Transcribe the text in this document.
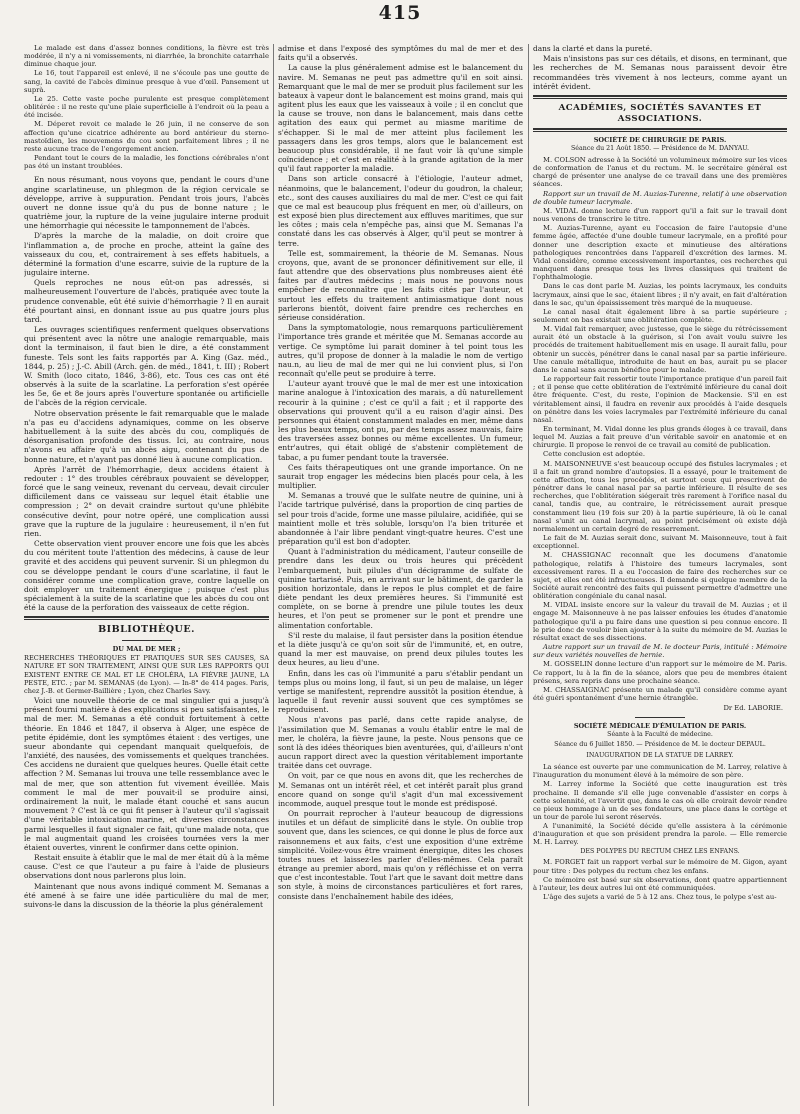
415

Le malade est dans d'assez bonnes conditions, la fièvre est très modérée, il n'y a ni vomissements, ni diarrhée, la bronchite catarrhale diminue chaque jour.

Le 16, tout l'appareil est enlevé, il ne s'écoule pas une goutte de sang, la cavité de l'abcès diminue presque à vue d'œil. Pansement ut suprà.

Le 25. Cette vaste poche purulente est presque complètement oblitérée : il ne reste qu'une plaie superficielle à l'endroit où la peau a été incisée.

M. Déperet revoit ce malade le 26 juin, il ne conserve de son affection qu'une cicatrice adhérente au bord antérieur du sterno-mastoïdien, les mouvemens du cou sont parfaitement libres ; il ne reste aucune trace de l'engorgement ancien.

Pendant tout le cours de la maladie, les fonctions cérébrales n'ont pas été un instant troublées.

En nous résumant, nous voyons que, pendant le cours d'une angine scarlatineuse, un phlegmon de la région cervicale se développe, arrive à suppuration. Pendant trois jours, l'abcès ouvert ne donne issue qu'à du pus de bonne nature ; le quatrième jour, la rupture de la veine jugulaire interne produit une hémorrhagie qui nécessite le tamponnement de l'abcès.

D'après la marche de la maladie, on doit croire que l'inflammation a, de proche en proche, atteint la gaîne des vaisseaux du cou, et, contrairement à ses effets habituels, a déterminé la formation d'une escarre, suivie de la rupture de la jugulaire interne.

Quels reproches ne nous eût-on pas adressés, si malheureusement l'ouverture de l'abcès, pratiquée avec toute la prudence convenable, eût été suivie d'hémorrhagie ? Il en aurait été pourtant ainsi, en donnant issue au pus quatre jours plus tard.

Les ouvrages scientifiques renferment quelques observations qui présentent avec la nôtre une analogie remarquable, mais dont la terminaison, il faut bien le dire, a été constamment funeste. Tels sont les faits rapportés par A. King (Gaz. méd., 1844, p. 25) ; J.-C. Abill (Arch. gén. de méd., 1841, t. III) ; Robert W. Smith (loco citato, 1846, 3-86), etc. Tous ces cas ont été observés à la suite de la scarlatine. La perforation s'est opérée les 5e, 6e et 8e jours après l'ouverture spontanée ou artificielle de l'abcès de la région cervicale.

Notre observation présente le fait remarquable que le malade n'a pas eu d'accidens adynamiques, comme on les observe habituellement à la suite des abcès du cou, compliqués de désorganisation profonde des tissus. Ici, au contraire, nous n'avons eu affaire qu'à un abcès aigu, contenant du pus de bonne nature, et n'ayant pas donné lieu à aucune complication.

Après l'arrêt de l'hémorrhagie, deux accidens étaient à redouter : 1° des troubles cérébraux pouvaient se développer, forcé que le sang veineux, revenant du cerveau, devait circuler difficilement dans ce vaisseau sur lequel était établie une compression ; 2° on devait craindre surtout qu'une phlébite consécutive devînt, pour notre opéré, une complication aussi grave que la rupture de la jugulaire : heureusement, il n'en fut rien.

Cette observation vient prouver encore une fois que les abcès du cou méritent toute l'attention des médecins, à cause de leur gravité et des accidens qui peuvent survenir. Si un phlegmon du cou se développe pendant le cours d'une scarlatine, il faut le considérer comme une complication grave, contre laquelle on doit employer un traitement énergique ; puisque c'est plus spécialement à la suite de la scarlatine que les abcès du cou ont été la cause de la perforation des vaisseaux de cette région.

BIBLIOTHÈQUE.
DU MAL DE MER ;

RECHERCHES THÉORIQUES ET PRATIQUES SUR SES CAUSES, SA NATURE ET SON TRAITEMENT, AINSI QUE SUR LES RAPPORTS QUI EXISTENT ENTRE CE MAL ET LE CHOLÉRA, LA FIÈVRE JAUNE, LA PESTE, ETC. ; par M. SEMANAS (de Lyon). — In-8° de 414 pages. Paris, chez J.-B. et Germer-Baillière ; Lyon, chez Charles Savy.

Voici une nouvelle théorie de ce mal singulier qui a jusqu'à présent fourni matière à des explications si peu satisfaisantes, le mal de mer. M. Semanas a été conduit fortuitement à cette théorie. En 1846 et 1847, il observa à Alger, une espèce de petite épidémie, dont les symptômes étaient : des vertiges, une sueur abondante qui cependant manquait quelquefois, de l'anxiété, des nausées, des vomissements et quelques tranchées. Ces accidens ne duraient que quelques heures. Quelle était cette affection ? M. Semanas lui trouva une telle ressemblance avec le mal de mer, que son attention fut vivement éveillée. Mais comment le mal de mer pouvait-il se produire ainsi, ordinairement la nuit, le malade étant couché et sans aucun mouvement ? C'est là ce qui fit penser à l'auteur qu'il s'agissait d'une véritable intoxication marine, et diverses circonstances parmi lesquelles il faut signaler ce fait, qu'une malade nota, que le mal augmentait quand les croisées tournées vers la mer étaient ouvertes, vinrent le confirmer dans cette opinion.

Restait ensuite à établir que le mal de mer était dû à la même cause. C'est ce que l'auteur a pu faire à l'aide de plusieurs observations dont nous parlerons plus loin.

Maintenant que nous avons indiqué comment M. Semanas a été amené à se faire une idée particulière du mal de mer, suivons-le dans la discussion de la théorie la plus généralement

admise et dans l'exposé des symptômes du mal de mer et des faits qu'il a observés.

La cause la plus généralement admise est le balancement du navire. M. Semanas ne peut pas admettre qu'il en soit ainsi. Remarquant que le mal de mer se produit plus facilement sur les bateaux à vapeur dont le balancement est moins grand, mais qui agitent plus les eaux que les vaisseaux à voile ; il en conclut que la cause se trouve, non dans le balancement, mais dans cette agitation des eaux qui permet au miasme maritime de s'échapper. Si le mal de mer atteint plus facilement les passagers dans les gros temps, alors que le balancement est beaucoup plus considérable, il ne faut voir là qu'une simple coïncidence ; et c'est en réalité à la grande agitation de la mer qu'il faut rapporter la maladie.

Dans son article consacré à l'étiologie, l'auteur admet, néanmoins, que le balancement, l'odeur du goudron, la chaleur, etc., sont des causes auxiliaires du mal de mer. C'est ce qui fait que ce mal est beaucoup plus fréquent en mer, où d'ailleurs, on est exposé bien plus directement aux effluves maritimes, que sur les côtes ; mais cela n'empêche pas, ainsi que M. Semanas l'a constaté dans les cas observés à Alger, qu'il peut se montrer à terre.

Telle est, sommairement, la théorie de M. Semanas. Nous croyons, que, avant de se prononcer définitivement sur elle, il faut attendre que des observations plus nombreuses aient été faites par d'autres médecins ; mais nous ne pouvons nous empêcher de reconnaître que les faits cités par l'auteur, et surtout les effets du traitement antimiasmatique dont nous parlerons bientôt, doivent faire prendre ces recherches en sérieuse considération.

Dans la symptomatologie, nous remarquons particulièrement l'importance très grande et méritée que M. Semanas accorde au vertige. Ce symptôme lui parait dominer à tel point tous les autres, qu'il propose de donner à la maladie le nom de vertigo nau.n, au lieu de mal de mer qui ne lui convient plus, si l'on reconnaît qu'elle peut se produire à terre.

L'auteur ayant trouvé que le mal de mer est une intoxication marine analogue à l'intoxication des marais, a dû naturellement recourir à la quinine ; c'est ce qu'il a fait ; et il rapporte des observations qui prouvent qu'il a eu raison d'agir ainsi. Des personnes qui étaient constamment malades en mer, même dans les plus beaux temps, ont pu, par des temps assez mauvais, faire des traversées assez bonnes ou même excellentes. Un fumeur, entr'autres, qui était obligé de s'abstenir complètement de tabac, a pu fumer pendant toute la traversée.

Ces faits thérapeutiques ont une grande importance. On ne saurait trop engager les médecins bien placés pour cela, à les multiplier.

M. Semanas a trouvé que le sulfate neutre de quinine, uni à l'acide tartrique pulvérisé, dans la proportion de cinq parties de sel pour trois d'acide, forme une masse pilulaire, acidifiée, qui se maintient molle et très soluble, lorsqu'on l'a bien triturée et abandonnée à l'air libre pendant vingt-quatre heures. C'est une préparation qu'il est bon d'adopter.

Quant à l'administration du médicament, l'auteur conseille de prendre dans les deux ou trois heures qui précèdent l'embarquement, huit pilules d'un décigramme de sulfate de quinine tartarisé. Puis, en arrivant sur le bâtiment, de garder la position horizontale, dans le repos le plus complet et de faire diète pendant les deux premières heures. Si l'immunité est complète, on se borne à prendre une pilule toutes les deux heures, et l'on peut se promener sur le pont et prendre une alimentation confortable.

S'il reste du malaise, il faut persister dans la position étendue et la diète jusqu'à ce qu'on soit sûr de l'immunité, et, en outre, quand la mer est mauvaise, on prend deux pilules toutes les deux heures, au lieu d'une.

Enfin, dans les cas où l'immunité a paru s'établir pendant un temps plus ou moins long, il faut, si un peu de malaise, un léger vertige se manifestent, reprendre aussitôt la position étendue, à laquelle il faut revenir aussi souvent que ces symptômes se reproduisent.

Nous n'avons pas parlé, dans cette rapide analyse, de l'assimilation que M. Semanas a voulu établir entre le mal de mer, le choléra, la fièvre jaune, la peste. Nous pensons que ce sont là des idées théoriques bien aventurées, qui, d'ailleurs n'ont aucun rapport direct avec la question véritablement importante traitée dans cet ouvrage.

On voit, par ce que nous en avons dit, que les recherches de M. Semanas ont un intérêt réel, et cet intérêt paraît plus grand encore quand on songe qu'il s'agit d'un mal excessivement incommode, auquel presque tout le monde est prédisposé.

On pourrait reprocher à l'auteur beaucoup de digressions inutiles et un défaut de simplicité dans le style. On oublie trop souvent que, dans les sciences, ce qui donne le plus de force aux raisonnemens et aux faits, c'est une exposition d'une extrême simplicité. Voilez-vous être vraiment énergique, dites les choses toutes nues et laissez-les parler d'elles-mêmes. Cela paraît étrange au premier abord, mais qu'on y réfléchisse et on verra que c'est incontestable. Tout l'art que le savant doit mettre dans son style, à moins de circonstances particulières et fort rares, consiste dans l'enchaînement habile des idées,

dans la clarté et dans la pureté.

Mais n'insistons pas sur ces détails, et disons, en terminant, que les recherches de M. Semanas nous paraissent devoir être recommandées très vivement à nos lecteurs, comme ayant un intérêt évident.

ACADÉMIES, SOCIÉTÉS SAVANTES ET ASSOCIATIONS.
SOCIÉTÉ DE CHIRURGIE DE PARIS.
Séance du 21 Août 1850. — Présidence de M. DANYAU.

M. COLSON adresse à la Société un volumineux mémoire sur les vices de conformation de l'anus et du rectum. M. le secrétaire général est chargé de présenter une analyse de ce travail dans une des premières séances.

Rapport sur un travail de M. Auzias-Turenne, relatif à une observation de double tumeur lacrymale.

M. VIDAL donne lecture d'un rapport qu'il a fait sur le travail dont nous venons de transcrire le titre.

M. Auzias-Turenne, ayant eu l'occasion de faire l'autopsie d'une femme âgée, affectée d'une double tumeur lacrymale, en a profité pour donner une description exacte et minutieuse des altérations pathologiques rencontrées dans l'appareil d'excrétion des larmes. M. Vidal considère, comme excessivement importantes, ces recherches qui manquent dans presque tous les livres classiques qui traitent de l'ophthalmologie.

Dans le cas dont parle M. Auzias, les points lacrymaux, les conduits lacrymaux, ainsi que le sac, étaient libres ; il n'y avait, en fait d'altération dans le sac, qu'un épaississement très marqué de la muqueuse.

Le canal nasal était également libre à sa partie supérieure ; seulement on bas existait une oblitération complète.

M. Vidal fait remarquer, avec justesse, que le siège du rétrécissement aurait été un obstacle à la guérison, si l'on avait voulu suivre les procédés de traitement habituellement mis en usage. Il aurait fallu, pour obtenir un succès, pénétrer dans le canal nasal par sa partie inférieure. Une canule métallique, introduite de haut en bas, aurait pu se placer dans le canal sans aucun bénéfice pour le malade.

Le rapporteur fait ressortir toute l'importance pratique d'un pareil fait ; et il pense que cette oblitération de l'extrémité inférieure du canal doit être fréquente. C'est, du reste, l'opinion de Mackensie. S'il en est véritablement ainsi, il faudra en revenir aux procédés à l'aide desquels on pénètre dans les voies lacrymales par l'extrémité inférieure du canal nasal.

En terminant, M. Vidal donne les plus grands éloges à ce travail, dans lequel M. Auzias a fait preuve d'un véritable savoir en anatomie et en chirurgie. Il propose le renvoi de ce travail au comité de publication.

Cette conclusion est adoptée.

M. MAISONNEUVE s'est beaucoup occupé des fistules lacrymales ; et il a fait un grand nombre d'autopsies. Il a essayé, pour le traitement de cette affection, tous les procédés, et surtout ceux qui prescrivent de pénétrer dans le canal nasal par sa partie inférieure. Il résulte de ses recherches, que l'oblitération siégerait très rarement à l'orifice nasal du canal, tandis que, au contraire, le rétrécissement aurait presque constamment lieu (19 fois sur 20) à la partie supérieure, là où le canal nasal s'unit au canal lacrymal, au point précisément où existe déjà normalement un certain degré de resserrement.

Le fait de M. Auzias serait donc, suivant M. Maisonneuve, tout à fait exceptionnel.

M. CHASSIGNAC reconnaît que les documens d'anatomie pathologique, relatifs à l'histoire des tumeurs lacrymales, sont excessivement rares. Il a eu l'occasion de faire des recherches sur ce sujet, et elles ont été infructueuses. Il demande si quelque membre de la Société aurait rencontré des faits qui puissent permettre d'admettre une oblitération congéniale du canal nasal.

M. VIDAL insiste encore sur la valeur du travail de M. Auzias ; et il engage M. Maisonneuve à ne pas laisser enfouies les études d'anatomie pathologique qu'il a pu faire dans une question si peu connue encore. Il le prie donc de vouloir bien ajouter à la suite du mémoire de M. Auzias le résultat exact de ses dissections.

Autre rapport sur un travail de M. le docteur Paris, intitulé : Mémoire sur deux variétés nouvelles de hernie.

M. GOSSELIN donne lecture d'un rapport sur le mémoire de M. Paris. Ce rapport, lu à la fin de la séance, alors que peu de membres étaient présens, sera repris dans une prochaine séance.

M. CHASSAIGNAC présente un malade qu'il considère comme ayant été guéri spontanément d'une hernie étranglée.

Dr Ed. LABORIE.
SOCIÉTÉ MÉDICALE D'ÉMULATION DE PARIS.
Séante à la Faculté de médecine.
Séance du 6 Juillet 1850. — Présidence de M. le docteur DEPAUL.
INAUGURATION DE LA STATUE DE LARREY.

La séance est ouverte par une communication de M. Larrey, relative à l'inauguration du monument élevé à la mémoire de son père.

M. Larrey informe la Société que cette inauguration est très prochaine. Il demande s'il elle juge convenable d'assister en corps à cette solennité, et l'avertit que, dans le cas où elle croirait devoir rendre ce pieux hommage à un de ses fondateurs, une place dans le cortège et un tour de parole lui seront réservés.

A l'unanimité, la Société décide qu'elle assistera à la cérémonie d'inauguration et que son président prendra la parole. — Elle remercie M. H. Larrey.

DES POLYPES DU RECTUM CHEZ LES ENFANS.

M. FORGET fait un rapport verbal sur le mémoire de M. Gigon, ayant pour titre : Des polypes du rectum chez les enfans.

Ce mémoire est basé sur six observations, dont quatre appartiennent à l'auteur, les deux autres lui ont été communiquées.

L'âge des sujets a varié de 5 à 12 ans. Chez tous, le polype s'est au-
